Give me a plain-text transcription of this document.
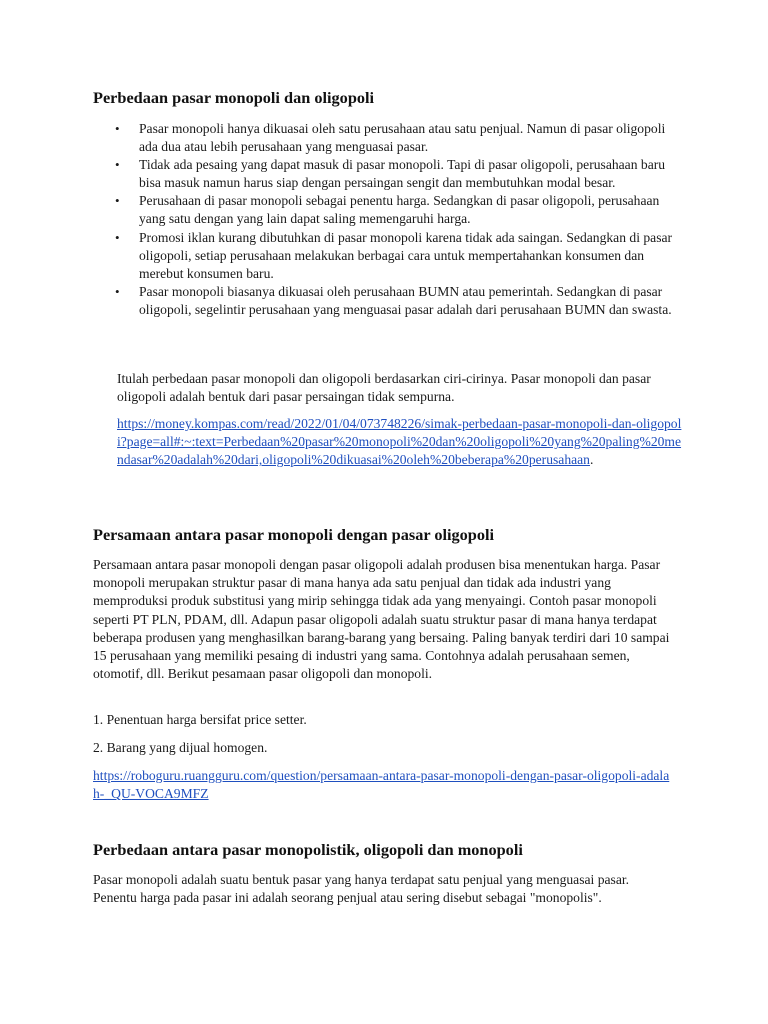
Perbedaan pasar monopoli dan oligopoli
• Pasar monopoli hanya dikuasai oleh satu perusahaan atau satu penjual. Namun di pasar oligopoli ada dua atau lebih perusahaan yang menguasai pasar.
• Tidak ada pesaing yang dapat masuk di pasar monopoli. Tapi di pasar oligopoli, perusahaan baru bisa masuk namun harus siap dengan persaingan sengit dan membutuhkan modal besar.
• Perusahaan di pasar monopoli sebagai penentu harga. Sedangkan di pasar oligopoli, perusahaan yang satu dengan yang lain dapat saling memengaruhi harga.
• Promosi iklan kurang dibutuhkan di pasar monopoli karena tidak ada saingan. Sedangkan di pasar oligopoli, setiap perusahaan melakukan berbagai cara untuk mempertahankan konsumen dan merebut konsumen baru.
• Pasar monopoli biasanya dikuasai oleh perusahaan BUMN atau pemerintah. Sedangkan di pasar oligopoli, segelintir perusahaan yang menguasai pasar adalah dari perusahaan BUMN dan swasta.

Itulah perbedaan pasar monopoli dan oligopoli berdasarkan ciri-cirinya. Pasar monopoli dan pasar oligopoli adalah bentuk dari pasar persaingan tidak sempurna.

https://money.kompas.com/read/2022/01/04/073748226/simak-perbedaan-pasar-monopoli-dan-oligopoli?page=all#:~:text=Perbedaan%20pasar%20monopoli%20dan%20oligopoli%20yang%20paling%20mendasar%20adalah%20dari,oligopoli%20dikuasai%20oleh%20beberapa%20perusahaan.

Persamaan antara pasar monopoli dengan pasar oligopoli

Persamaan antara pasar monopoli dengan pasar oligopoli adalah produsen bisa menentukan harga. Pasar monopoli merupakan struktur pasar di mana hanya ada satu penjual dan tidak ada industri yang memproduksi produk substitusi yang mirip sehingga tidak ada yang menyaingi. Contoh pasar monopoli seperti PT PLN, PDAM, dll. Adapun pasar oligopoli adalah suatu struktur pasar di mana hanya terdapat beberapa produsen yang menghasilkan barang-barang yang bersaing. Paling banyak terdiri dari 10 sampai 15 perusahaan yang memiliki pesaing di industri yang sama. Contohnya adalah perusahaan semen, otomotif, dll. Berikut pesamaan pasar oligopoli dan monopoli.

1. Penentuan harga bersifat price setter.

2. Barang yang dijual homogen.

https://roboguru.ruangguru.com/question/persamaan-antara-pasar-monopoli-dengan-pasar-oligopoli-adalah-_QU-VOCA9MFZ

Perbedaan antara pasar monopolistik, oligopoli dan monopoli

Pasar monopoli adalah suatu bentuk pasar yang hanya terdapat satu penjual yang menguasai pasar. Penentu harga pada pasar ini adalah seorang penjual atau sering disebut sebagai "monopolis".
